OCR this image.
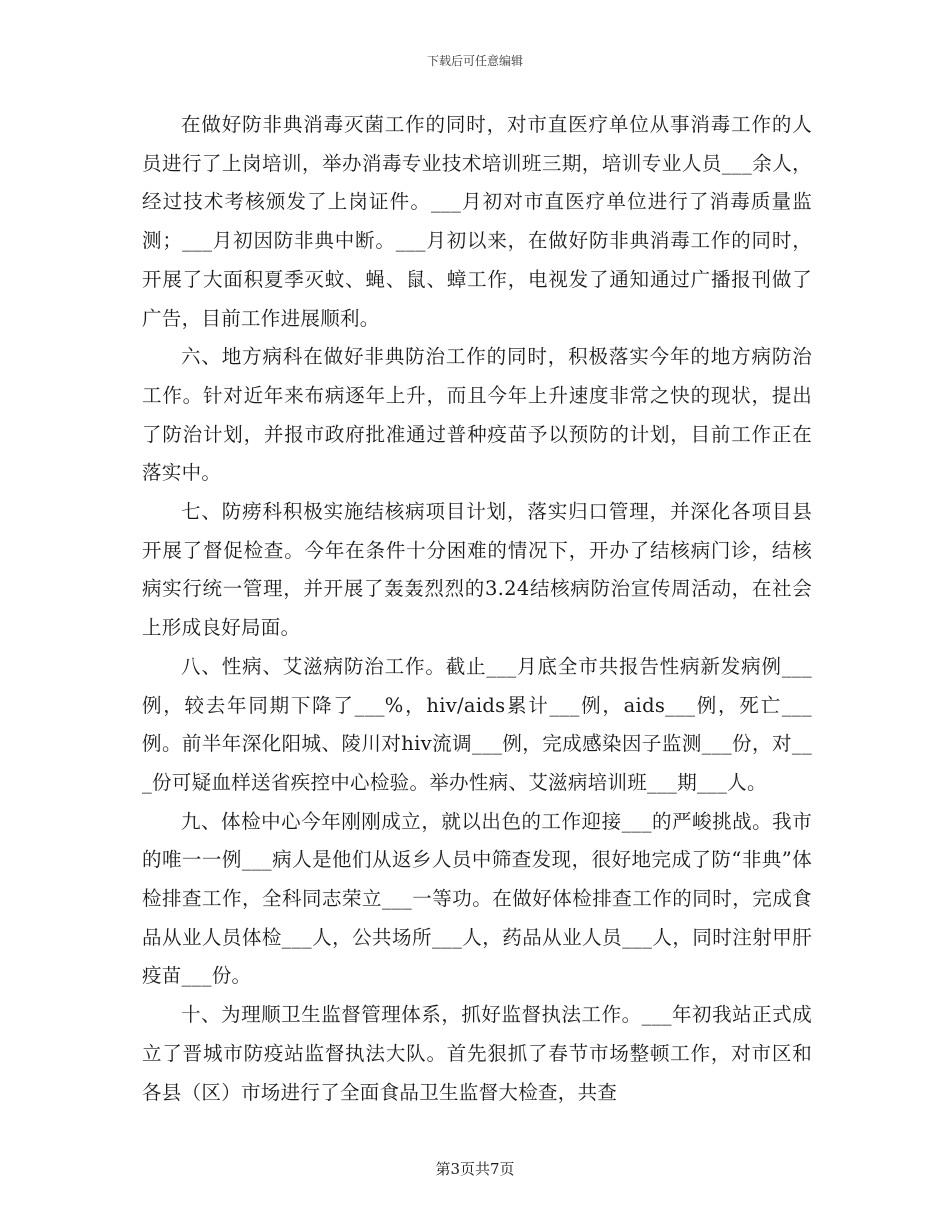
下载后可任意编辑

在做好防非典消毒灭菌工作的同时，对市直医疗单位从事消毒工作的人员进行了上岗培训，举办消毒专业技术培训班三期，培训专业人员___余人，经过技术考核颁发了上岗证件。___月初对市直医疗单位进行了消毒质量监测；___月初因防非典中断。___月初以来，在做好防非典消毒工作的同时，开展了大面积夏季灭蚊、蝇、鼠、蟑工作，电视发了通知通过广播报刊做了广告，目前工作进展顺利。

六、地方病科在做好非典防治工作的同时，积极落实今年的地方病防治工作。针对近年来布病逐年上升，而且今年上升速度非常之快的现状，提出了防治计划，并报市政府批准通过普种疫苗予以预防的计划，目前工作正在落实中。

七、防痨科积极实施结核病项目计划，落实归口管理，并深化各项目县开展了督促检查。今年在条件十分困难的情况下，开办了结核病门诊，结核病实行统一管理，并开展了轰轰烈烈的3.24结核病防治宣传周活动，在社会上形成良好局面。

八、性病、艾滋病防治工作。截止___月底全市共报告性病新发病例___例，较去年同期下降了___%，hiv/aids累计___例，aids___例，死亡___例。前半年深化阳城、陵川对hiv流调___例，完成感染因子监测___份，对___份可疑血样送省疾控中心检验。举办性病、艾滋病培训班___期___人。

九、体检中心今年刚刚成立，就以出色的工作迎接___的严峻挑战。我市的唯一一例___病人是他们从返乡人员中筛查发现，很好地完成了防“非典”体检排查工作，全科同志荣立___一等功。在做好体检排查工作的同时，完成食品从业人员体检___人，公共场所___人，药品从业人员___人，同时注射甲肝疫苗___份。

十、为理顺卫生监督管理体系，抓好监督执法工作。___年初我站正式成立了晋城市防疫站监督执法大队。首先狠抓了春节市场整顿工作，对市区和各县（区）市场进行了全面食品卫生监督大检查，共查

第3页共7页
